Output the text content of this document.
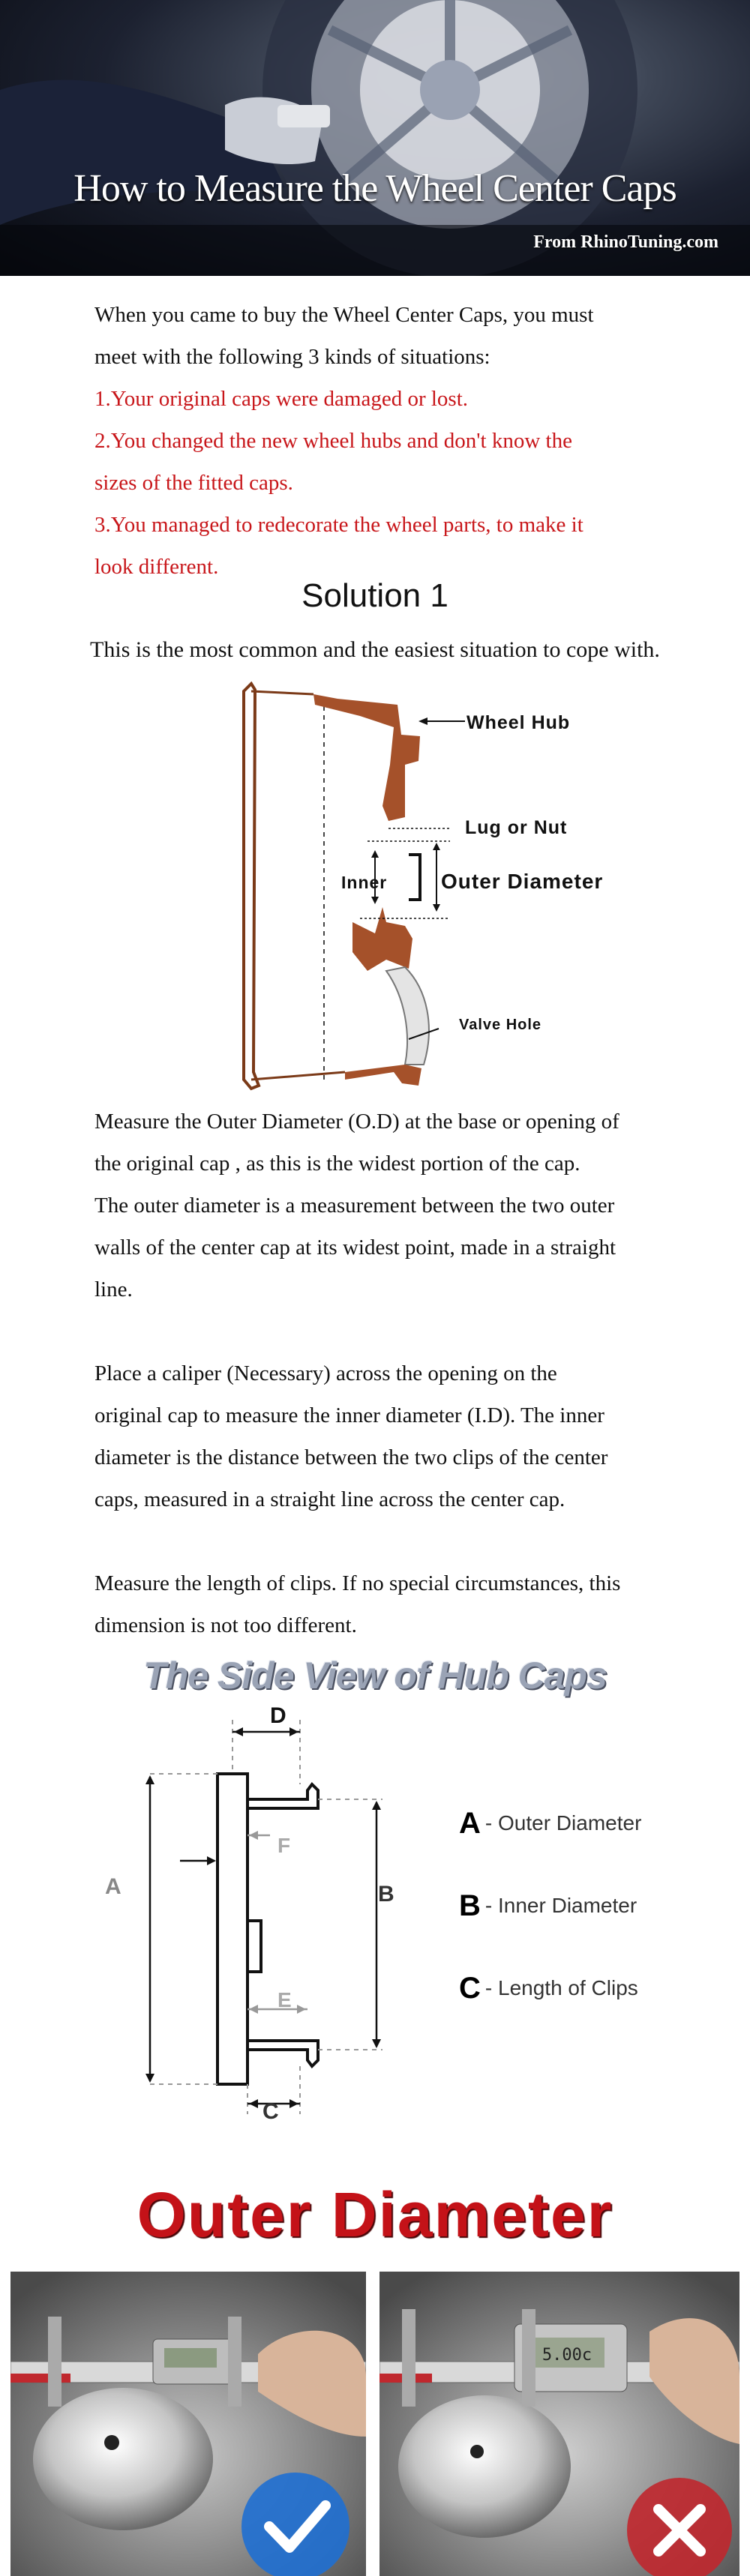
How to Measure the Wheel Center Caps
From RhinoTuning.com
When you came to buy the Wheel Center Caps, you must
meet with the following 3 kinds of situations:
1.Your original caps were damaged or lost.
2.You changed the new wheel hubs and don't know the
sizes of the fitted caps.
3.You managed to redecorate the wheel parts, to make it
look different.
Solution 1
This is the most common and the easiest situation to cope with.
Wheel Hub
Lug or Nut
Inner	Outer Diameter
Valve Hole
Measure the Outer Diameter (O.D) at the base or opening of
the original cap , as this is the widest portion of the cap.
The outer diameter is a measurement between the two outer
walls of the center cap at its widest point, made in a straight
line.
Place a caliper (Necessary) across the opening on the
original cap to measure the inner diameter (I.D). The inner
diameter is the distance between the two clips of the center
caps, measured in a straight line across the center cap.
Measure the length of clips. If no special circumstances, this
dimension is not too different.
The Side View of Hub Caps
A	B
C
D
E
F
A - Outer Diameter
B - Inner Diameter
C - Length of Clips
Outer Diameter
5.00c
